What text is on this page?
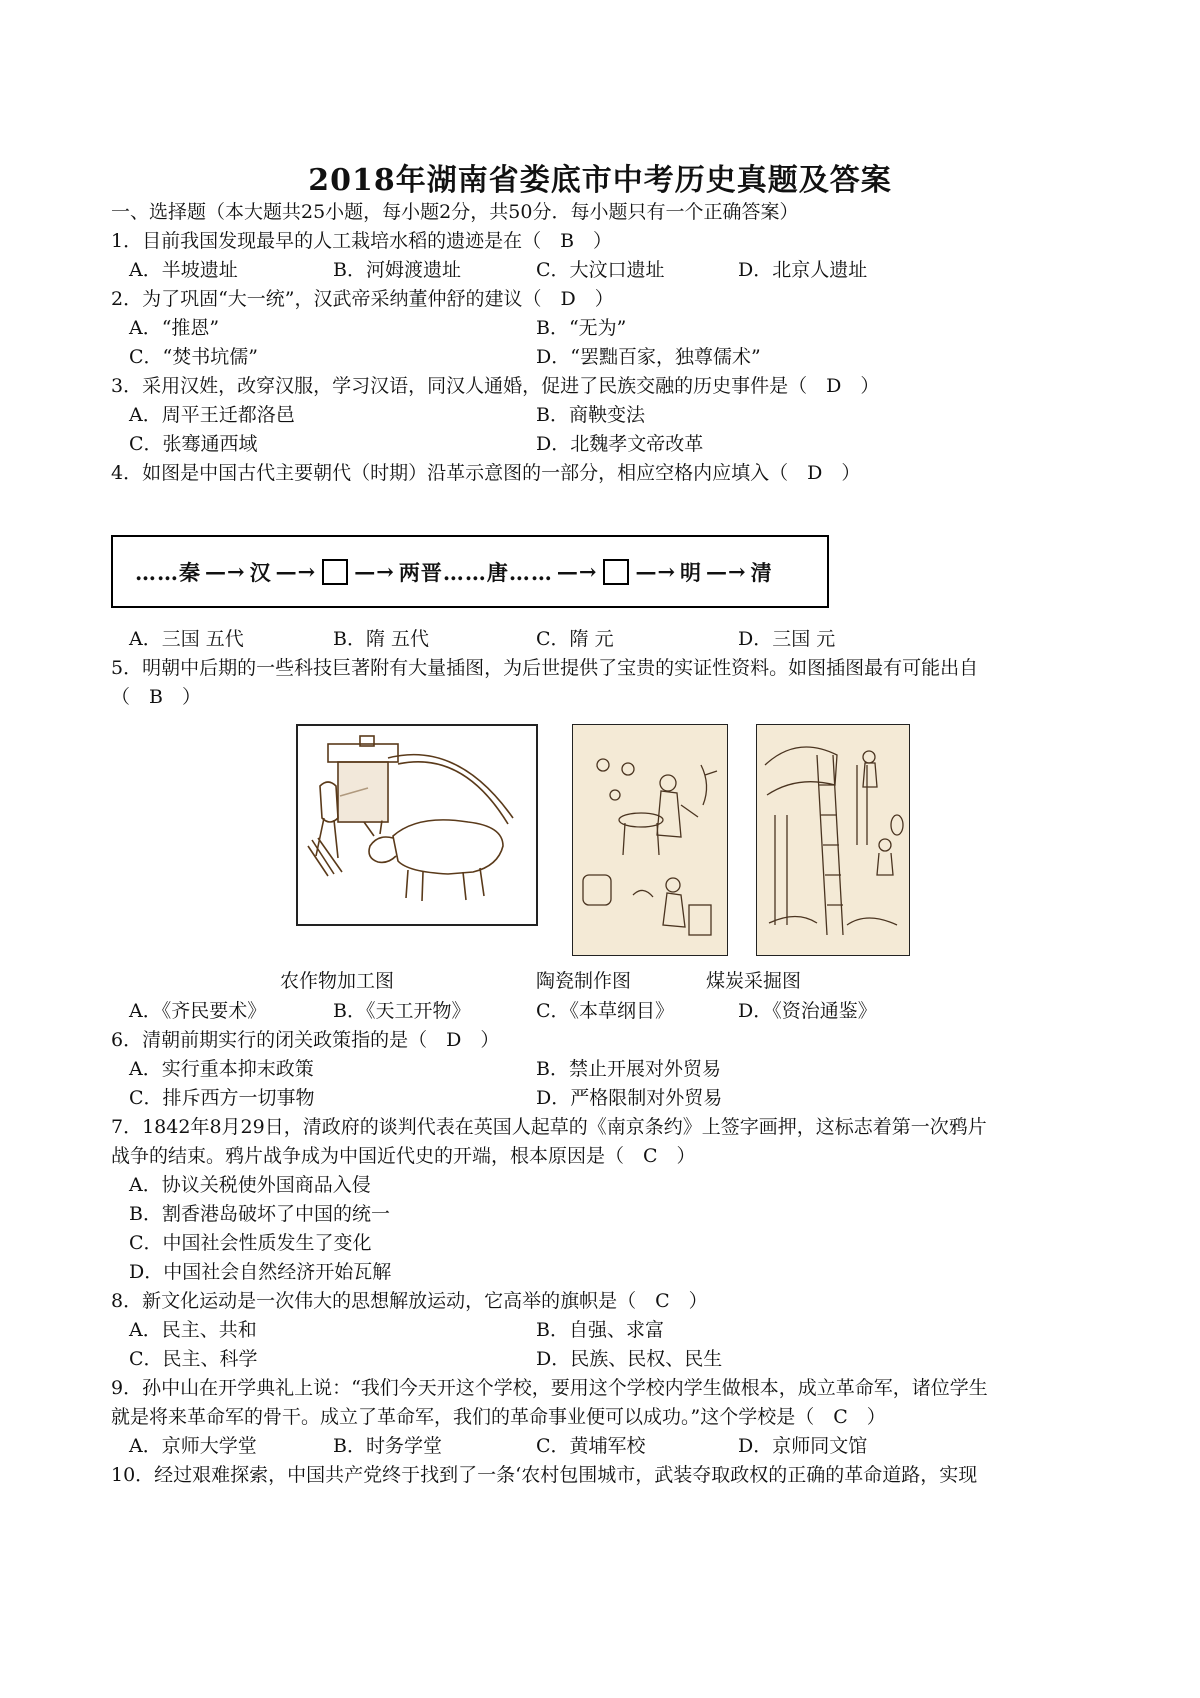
2018年湖南省娄底市中考历史真题及答案
一、选择题（本大题共25小题，每小题2分，共50分．每小题只有一个正确答案）
1．目前我国发现最早的人工栽培水稻的遗迹是在（　B　）
A．半坡遗址	B．河姆渡遗址	C．大汶口遗址	D．北京人遗址
2．为了巩固“大一统”，汉武帝采纳董仲舒的建议（　D　）
A．“推恩”	B．“无为”
C．“焚书坑儒”	D．“罢黜百家，独尊儒术”
3．采用汉姓，改穿汉服，学习汉语，同汉人通婚，促进了民族交融的历史事件是（　D　）
A．周平王迁都洛邑	B．商鞅变法
C．张骞通西域	D．北魏孝文帝改革
4．如图是中国古代主要朝代（时期）沿革示意图的一部分，相应空格内应填入（　D　）
……秦 —→ 汉 —→ —→ 两晋……唐…… —→ —→ 明 —→ 清
A．三国 五代	B．隋 五代	C．隋 元	D．三国 元
5．明朝中后期的一些科技巨著附有大量插图，为后世提供了宝贵的实证性资料。如图插图最有可能出自
（　B　）
农作物加工图	陶瓷制作图	煤炭采掘图
A．《齐民要术》	B．《天工开物》	C．《本草纲目》	D．《资治通鉴》
6．清朝前期实行的闭关政策指的是（　D　）
A．实行重本抑末政策	B．禁止开展对外贸易
C．排斥西方一切事物	D．严格限制对外贸易
7．1842年8月29日，清政府的谈判代表在英国人起草的《南京条约》上签字画押，这标志着第一次鸦片
战争的结束。鸦片战争成为中国近代史的开端，根本原因是（　C　）
A．协议关税使外国商品入侵
B．割香港岛破坏了中国的统一
C．中国社会性质发生了变化
D．中国社会自然经济开始瓦解
8．新文化运动是一次伟大的思想解放运动，它高举的旗帜是（　C　）
A．民主、共和	B．自强、求富
C．民主、科学	D．民族、民权、民生
9．孙中山在开学典礼上说：“我们今天开这个学校，要用这个学校内学生做根本，成立革命军，诸位学生
就是将来革命军的骨干。成立了革命军，我们的革命事业便可以成功。”这个学校是（　C　）
A．京师大学堂	B．时务学堂	C．黄埔军校	D．京师同文馆
10．经过艰难探索，中国共产党终于找到了一条‘农村包围城市，武装夺取政权的正确的革命道路，实现
